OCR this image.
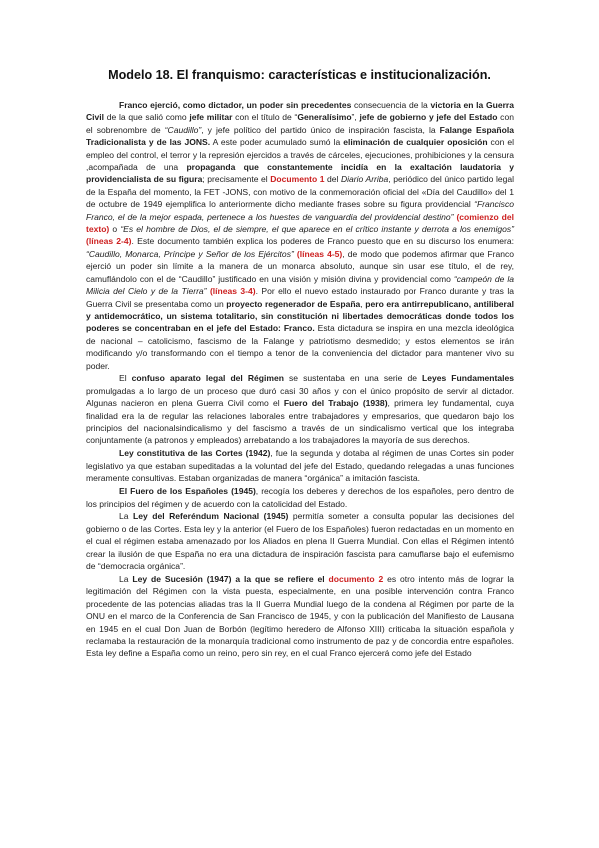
Modelo 18. El franquismo: características e institucionalización.

Franco ejerció, como dictador, un poder sin precedentes consecuencia de la victoria en la Guerra Civil de la que salió como jefe militar con el título de “Generalísimo”, jefe de gobierno y jefe del Estado con el sobrenombre de “Caudillo”, y jefe político del partido único de inspiración fascista, la Falange Española Tradicionalista y de las JONS. A este poder acumulado sumó la eliminación de cualquier oposición con el empleo del control, el terror y la represión ejercidos a través de cárceles, ejecuciones, prohibiciones y la censura ,acompañada de una propaganda que constantemente incidía en la exaltación laudatoria y providencialista de su figura; precisamente el Documento 1 del Diario Arriba, periódico del único partido legal de la España del momento, la FET -JONS, con motivo de la conmemoración oficial del «Día del Caudillo» del 1 de octubre de 1949 ejemplifica lo anteriormente dicho mediante frases sobre su figura providencial “Francisco Franco, el de la mejor espada, pertenece a los huestes de vanguardia del providencial destino” (comienzo del texto) o “Es el hombre de Dios, el de siempre, el que aparece en el crítico instante y derrota a los enemigos” (líneas 2-4). Este documento también explica los poderes de Franco puesto que en su discurso los enumera: “Caudillo, Monarca, Príncipe y Señor de los Ejércitos” (líneas 4-5), de modo que podemos afirmar que Franco ejerció un poder sin límite a la manera de un monarca absoluto, aunque sin usar ese título, el de rey, camuflándolo con el de “Caudillo” justificado en una visión y misión divina y providencial como “campeón de la Milicia del Cielo y de la Tierra” (líneas 3-4). Por ello el nuevo estado instaurado por Franco durante y tras la Guerra Civil se presentaba como un proyecto regenerador de España, pero era antirrepublicano, antiliberal y antidemocrático, un sistema totalitario, sin constitución ni libertades democráticas donde todos los poderes se concentraban en el jefe del Estado: Franco. Esta dictadura se inspira en una mezcla ideológica de nacional – catolicismo, fascismo de la Falange y patriotismo desmedido; y estos elementos se irán modificando y/o transformando con el tiempo a tenor de la conveniencia del dictador para mantener vivo su poder.

El confuso aparato legal del Régimen se sustentaba en una serie de Leyes Fundamentales promulgadas a lo largo de un proceso que duró casi 30 años y con el único propósito de servir al dictador. Algunas nacieron en plena Guerra Civil como el Fuero del Trabajo (1938), primera ley fundamental, cuya finalidad era la de regular las relaciones laborales entre trabajadores y empresarios, que quedaron bajo los principios del nacionalsindicalismo y del fascismo a través de un sindicalismo vertical que los integraba conjuntamente (a patronos y empleados) arrebatando a los trabajadores la mayoría de sus derechos.

Ley constitutiva de las Cortes (1942), fue la segunda y dotaba al régimen de unas Cortes sin poder legislativo ya que estaban supeditadas a la voluntad del jefe del Estado, quedando relegadas a unas funciones meramente consultivas. Estaban organizadas de manera “orgánica” a imitación fascista.

El Fuero de los Españoles (1945), recogía los deberes y derechos de los españoles, pero dentro de los principios del régimen y de acuerdo con la catolicidad del Estado.

La Ley del Referéndum Nacional (1945) permitía someter a consulta popular las decisiones del gobierno o de las Cortes. Esta ley y la anterior (el Fuero de los Españoles) fueron redactadas en un momento en el cual el régimen estaba amenazado por los Aliados en plena II Guerra Mundial. Con ellas el Régimen intentó crear la ilusión de que España no era una dictadura de inspiración fascista para camuflarse bajo el eufemismo de “democracia orgánica”.

La Ley de Sucesión (1947) a la que se refiere el documento 2 es otro intento más de lograr la legitimación del Régimen con la vista puesta, especialmente, en una posible intervención contra Franco procedente de las potencias aliadas tras la II Guerra Mundial luego de la condena al Régimen por parte de la ONU en el marco de la Conferencia de San Francisco de 1945, y con la publicación del Manifiesto de Lausana en 1945 en el cual Don Juan de Borbón (legítimo heredero de Alfonso XIII) criticaba la situación española y reclamaba la restauración de la monarquía tradicional como instrumento de paz y de concordia entre españoles. Esta ley define a España como un reino, pero sin rey, en el cual Franco ejercerá como jefe del Estado
